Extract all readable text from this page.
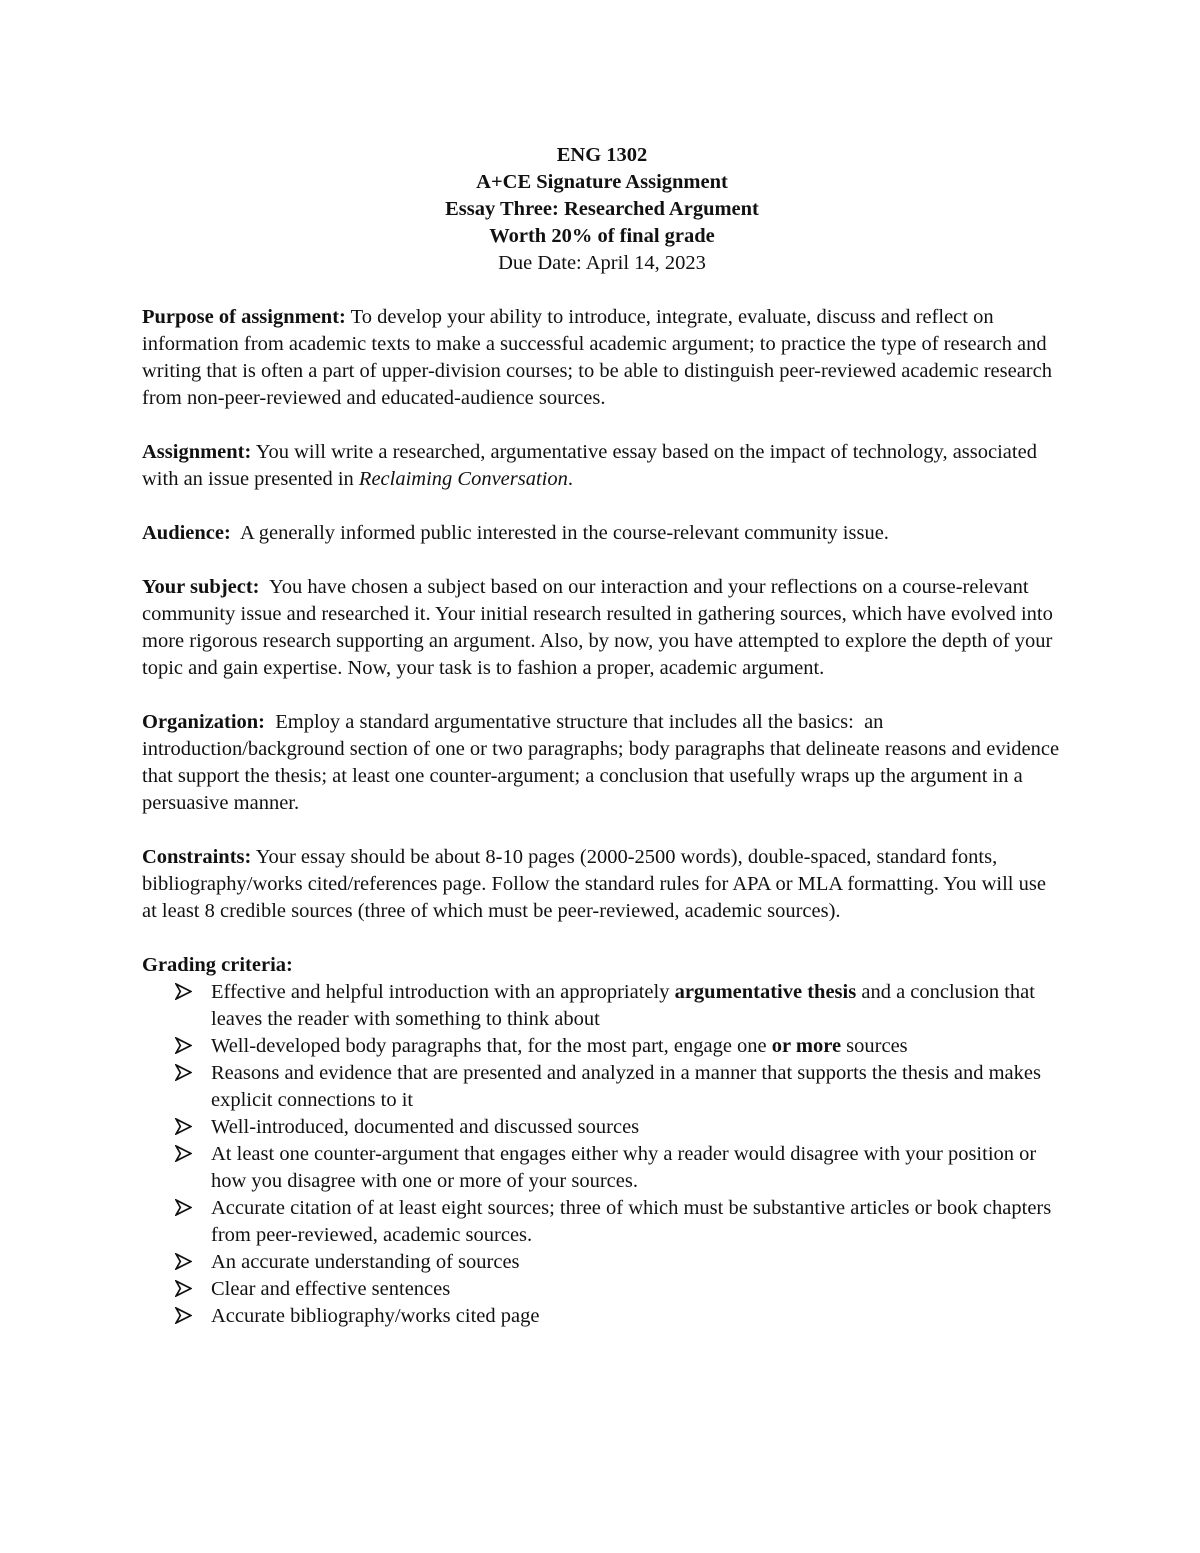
ENG 1302
A+CE Signature Assignment
Essay Three: Researched Argument
Worth 20% of final grade
Due Date: April 14, 2023

Purpose of assignment: To develop your ability to introduce, integrate, evaluate, discuss and reflect on information from academic texts to make a successful academic argument; to practice the type of research and writing that is often a part of upper-division courses; to be able to distinguish peer-reviewed academic research from non-peer-reviewed and educated-audience sources.

Assignment: You will write a researched, argumentative essay based on the impact of technology, associated with an issue presented in Reclaiming Conversation.

Audience:  A generally informed public interested in the course-relevant community issue.

Your subject:  You have chosen a subject based on our interaction and your reflections on a course-relevant community issue and researched it. Your initial research resulted in gathering sources, which have evolved into more rigorous research supporting an argument. Also, by now, you have attempted to explore the depth of your topic and gain expertise. Now, your task is to fashion a proper, academic argument.

Organization:  Employ a standard argumentative structure that includes all the basics:  an introduction/background section of one or two paragraphs; body paragraphs that delineate reasons and evidence that support the thesis; at least one counter-argument; a conclusion that usefully wraps up the argument in a persuasive manner.

Constraints: Your essay should be about 8-10 pages (2000-2500 words), double-spaced, standard fonts, bibliography/works cited/references page. Follow the standard rules for APA or MLA formatting. You will use at least 8 credible sources (three of which must be peer-reviewed, academic sources).

Grading criteria:
Effective and helpful introduction with an appropriately argumentative thesis and a conclusion that leaves the reader with something to think about
Well-developed body paragraphs that, for the most part, engage one or more sources
Reasons and evidence that are presented and analyzed in a manner that supports the thesis and makes explicit connections to it
Well-introduced, documented and discussed sources
At least one counter-argument that engages either why a reader would disagree with your position or how you disagree with one or more of your sources.
Accurate citation of at least eight sources; three of which must be substantive articles or book chapters from peer-reviewed, academic sources.
An accurate understanding of sources
Clear and effective sentences
Accurate bibliography/works cited page
